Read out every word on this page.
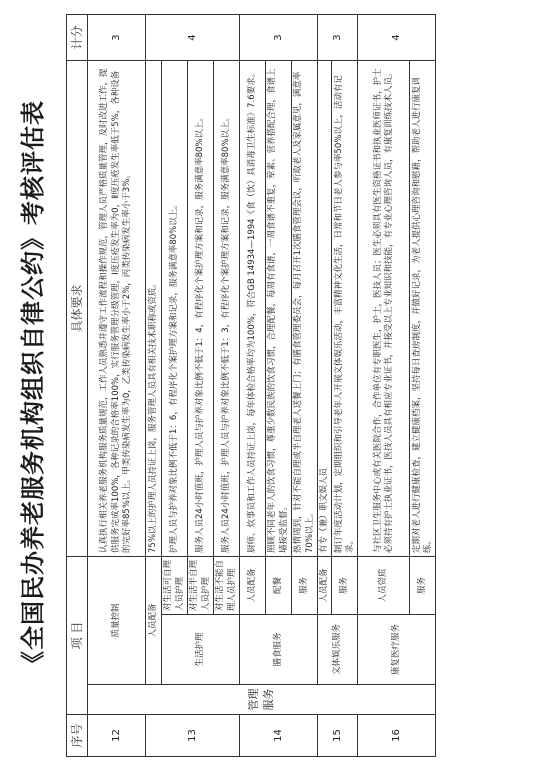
《全国民办养老服务机构组织自律公约》考核评估表
序号	项 目			具体要求	计分
12	管理服务	质量控制		认真执行相关养老服务机构服务质量规范，工作人员熟悉并遵守工作流程和操作规范，管理人员严格质量管理，及时改进工作，提供服务完成率100%，各种记录的合格率100%，实行服务管理分级管理，Ⅰ度压疮发生率为0，Ⅱ度压疮发生率低于5%，各种设备的完好率85%以上。甲类传染病发生率为0，乙类传染病发生率小于2%，丙类传染病发生率小于3%。	3
13		人员配备		75%以上的护理人员持证上岗，服务管理人员具有相关技术职称或资质。	4
		生活护理	对生活可自理人员护理	护理人员与护养对象比例不低于1：6，有程序化个案护理方案和记录，服务满意率80%以上。	
			对生活半自理人员护理	服务人员24小时值班，护理人员与护养对象比例不低于1：4，有程序化个案护理方案和记录，服务满意率80%以上。	
			对生活不能自理人员护理	服务人员24小时值班，护理人员与护养对象比例不低于1：3，有程序化个案护理方案和记录，服务满意率80%以上。	
14		膳食服务	人员配备	厨师、炊事员和工作人员持证上岗，每年体检合格率均为100%，符合GB 14934—1994《食（饮）具消毒卫生标准》7.6要求。	3
			配餐	照顾不同老年人的饮食习惯，尊重少数民族的饮食习惯，合理配餐，每周有食谱，一周食谱不重复，荤素、营养搭配合理，食谱上墙接受监督。	
			服务	热情周到，针对不能自理或半自理老人送餐上门；有膳食管理委员会，每月召开1次膳食管理会议，听取老人及家属意见，满意率70%以上。	
15		文体娱乐服务	人员配备	有专（兼）职文娱人员	3
			服务	制订年度活动计划，定期组织和引导老年人开展文体娱乐活动，丰富精神文化生活，日常和节日老人参与率50%以上，活动有记录。	
16		康复医疗服务	人员资质	与社区卫生服务中心或有关医院合作，合作单位有专职医生，护士，医技人员；医生必须具有医生资格证书和执业医师证书，护士必须持有护士执业证书，医技人员具有相应专业证书，并接受以上专业知识和技能，有专业心理咨询人员，有康复训练技术人员。	4
			服务	定期对老人进行健康检查，建立健康档案，坚持每日查房制度，并做好记录，为老人提供心理咨询和慰藉，帮助老人进行康复训练。	
